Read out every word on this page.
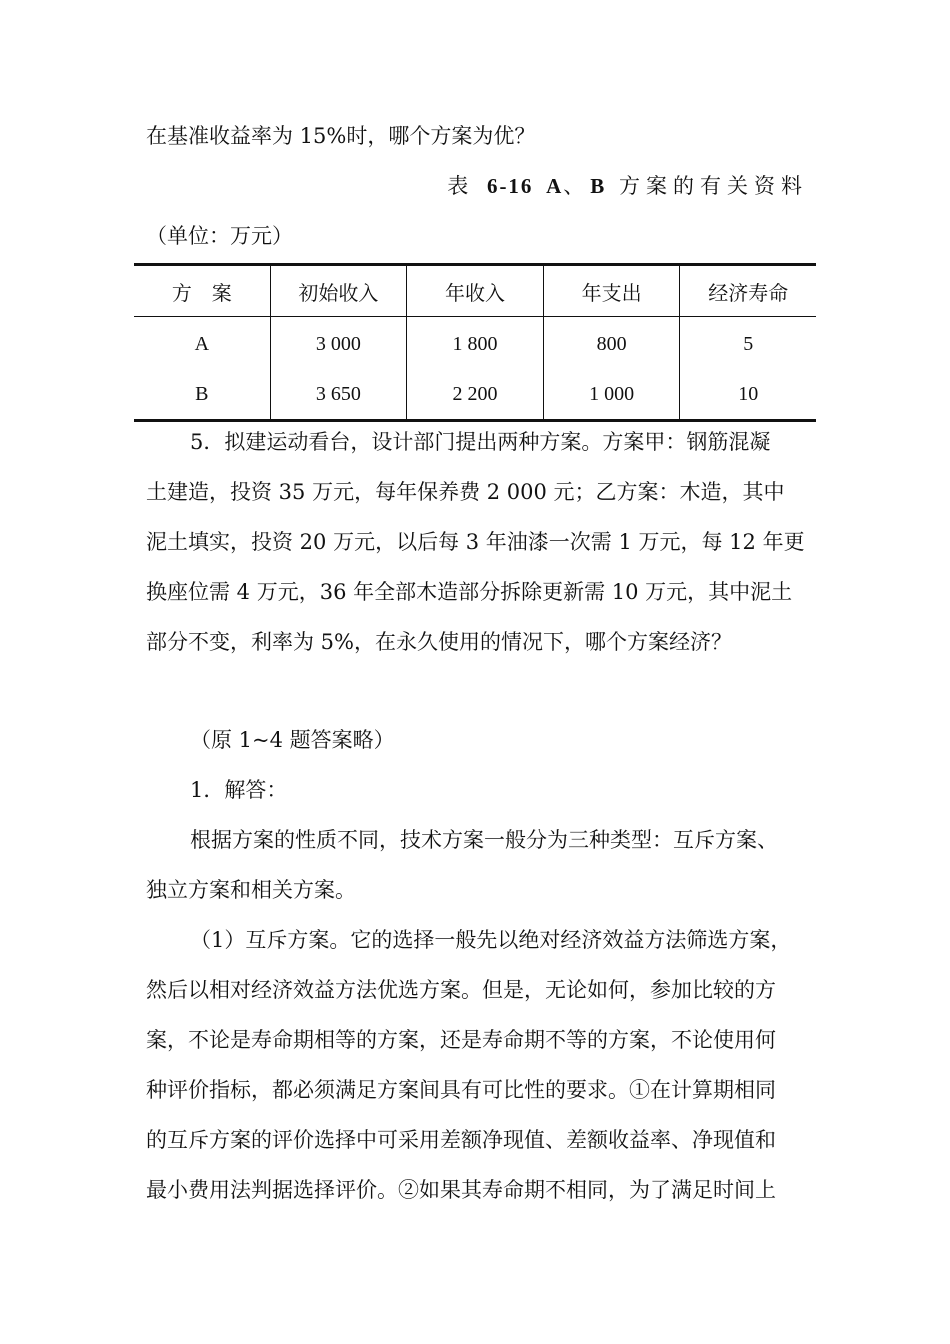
在基准收益率为 15%时，哪个方案为优？
表 6-16 A、B 方案的有关资料
（单位：万元）
方　案	初始收入	年收入	年支出	经济寿命
A	3 000	1 800	800	5
B	3 650	2 200	1 000	10
5．拟建运动看台，设计部门提出两种方案。方案甲：钢筋混凝
土建造，投资 35 万元，每年保养费 2 000 元；乙方案：木造，其中
泥土填实，投资 20 万元，以后每 3 年油漆一次需 1 万元，每 12 年更
换座位需 4 万元，36 年全部木造部分拆除更新需 10 万元，其中泥土
部分不变，利率为 5%，在永久使用的情况下，哪个方案经济？
（原 1~4 题答案略）
1．解答：
根据方案的性质不同，技术方案一般分为三种类型：互斥方案、
独立方案和相关方案。
（1）互斥方案。它的选择一般先以绝对经济效益方法筛选方案，
然后以相对经济效益方法优选方案。但是，无论如何，参加比较的方
案，不论是寿命期相等的方案，还是寿命期不等的方案，不论使用何
种评价指标，都必须满足方案间具有可比性的要求。①在计算期相同
的互斥方案的评价选择中可采用差额净现值、差额收益率、净现值和
最小费用法判据选择评价。②如果其寿命期不相同，为了满足时间上
